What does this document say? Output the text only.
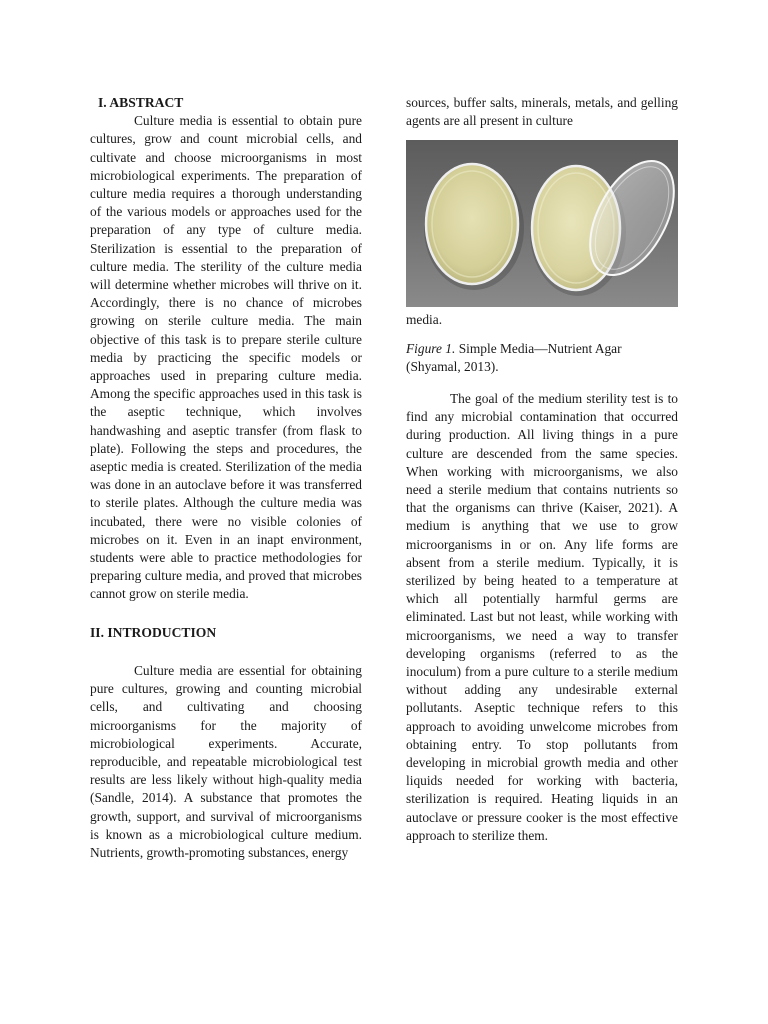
I. ABSTRACT

Culture media is essential to obtain pure cultures, grow and count microbial cells, and cultivate and choose microorganisms in most microbiological experiments. The preparation of culture media requires a thorough understanding of the various models or approaches used for the preparation of any type of culture media. Sterilization is essential to the preparation of culture media. The sterility of the culture media will determine whether microbes will thrive on it. Accordingly, there is no chance of microbes growing on sterile culture media. The main objective of this task is to prepare sterile culture media by practicing the specific models or approaches used in preparing culture media. Among the specific approaches used in this task is the aseptic technique, which involves handwashing and aseptic transfer (from flask to plate). Following the steps and procedures, the aseptic media is created. Sterilization of the media was done in an autoclave before it was transferred to sterile plates. Although the culture media was incubated, there were no visible colonies of microbes on it. Even in an inapt environment, students were able to practice methodologies for preparing culture media, and proved that microbes cannot grow on sterile media.

II. INTRODUCTION

Culture media are essential for obtaining pure cultures, growing and counting microbial cells, and cultivating and choosing microorganisms for the majority of microbiological experiments. Accurate, reproducible, and repeatable microbiological test results are less likely without high-quality media (Sandle, 2014). A substance that promotes the growth, support, and survival of microorganisms is known as a microbiological culture medium. Nutrients, growth-promoting substances, energy

sources, buffer salts, minerals, metals, and gelling agents are all present in culture

media.

Figure 1. Simple Media—Nutrient Agar (Shyamal, 2013).

The goal of the medium sterility test is to find any microbial contamination that occurred during production. All living things in a pure culture are descended from the same species. When working with microorganisms, we also need a sterile medium that contains nutrients so that the organisms can thrive (Kaiser, 2021). A medium is anything that we use to grow microorganisms in or on. Any life forms are absent from a sterile medium. Typically, it is sterilized by being heated to a temperature at which all potentially harmful germs are eliminated. Last but not least, while working with microorganisms, we need a way to transfer developing organisms (referred to as the inoculum) from a pure culture to a sterile medium without adding any undesirable external pollutants. Aseptic technique refers to this approach to avoiding unwelcome microbes from obtaining entry. To stop pollutants from developing in microbial growth media and other liquids needed for working with bacteria, sterilization is required. Heating liquids in an autoclave or pressure cooker is the most effective approach to sterilize them.
